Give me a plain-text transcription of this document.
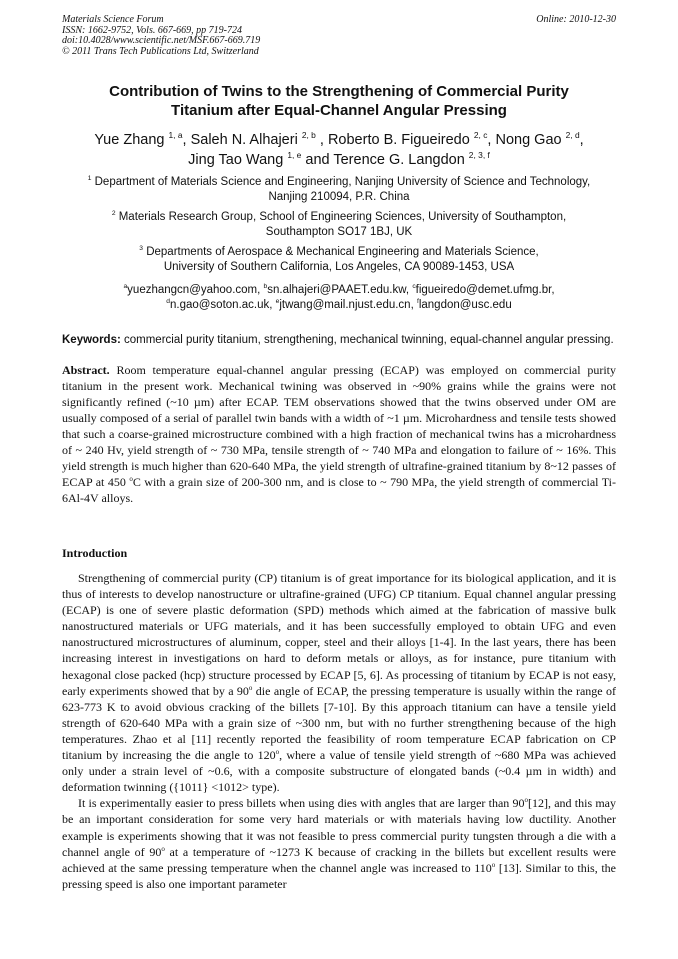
Materials Science Forum
ISSN: 1662-9752, Vols. 667-669, pp 719-724
doi:10.4028/www.scientific.net/MSF.667-669.719
© 2011 Trans Tech Publications Ltd, Switzerland
Online: 2010-12-30
Contribution of Twins to the Strengthening of Commercial Purity
Titanium after Equal-Channel Angular Pressing
Yue Zhang $^{1, a}$, Saleh N. Alhajeri $^{2, b}$ , Roberto B. Figueiredo $^{2, c}$, Nong Gao $^{2, d}$,
Jing Tao Wang $^{1, e}$ and Terence G. Langdon $^{2, 3, f}$
$^1$ Department of Materials Science and Engineering, Nanjing University of Science and Technology,
Nanjing 210094, P.R. China
$^2$ Materials Research Group, School of Engineering Sciences, University of Southampton,
Southampton SO17 1BJ, UK
$^3$ Departments of Aerospace & Mechanical Engineering and Materials Science,
University of Southern California, Los Angeles, CA 90089-1453, USA
$^a$yuezhangcn@yahoo.com, $^b$sn.alhajeri@PAAET.edu.kw, $^c$figueiredo@demet.ufmg.br,
$^d$n.gao@soton.ac.uk, $^e$jtwang@mail.njust.edu.cn, $^f$langdon@usc.edu
Keywords: commercial purity titanium, strengthening, mechanical twinning, equal-channel angular pressing.
Abstract. Room temperature equal-channel angular pressing (ECAP) was employed on commercial purity titanium in the present work. Mechanical twining was observed in ~90% grains while the grains were not significantly refined (~10 µm) after ECAP. TEM observations showed that the twins observed under OM are usually composed of a serial of parallel twin bands with a width of ~1 µm. Microhardness and tensile tests showed that such a coarse-grained microstructure combined with a high fraction of mechanical twins has a microhardness of ~ 240 Hv, yield strength of ~ 730 MPa, tensile strength of ~ 740 MPa and elongation to failure of ~ 16%. This yield strength is much higher than 620-640 MPa, the yield strength of ultrafine-grained titanium by 8~12 passes of ECAP at 450 $^o$C with a grain size of 200-300 nm, and is close to ~ 790 MPa, the yield strength of commercial Ti-6Al-4V alloys.
Introduction

Strengthening of commercial purity (CP) titanium is of great importance for its biological application, and it is thus of interests to develop nanostructure or ultrafine-grained (UFG) CP titanium. Equal channel angular pressing (ECAP) is one of severe plastic deformation (SPD) methods which aimed at the fabrication of massive bulk nanostructured materials or UFG materials, and it has been successfully employed to obtain UFG and even nanostructured microstructures of aluminum, copper, steel and their alloys [1-4]. In the last years, there has been increasing interest in investigations on hard to deform metals or alloys, as for instance, pure titanium with hexagonal close packed (hcp) structure processed by ECAP [5, 6]. As processing of titanium by ECAP is not easy, early experiments showed that by a 90$^o$ die angle of ECAP, the pressing temperature is usually within the range of 623-773 K to avoid obvious cracking of the billets [7-10]. By this approach titanium can have a tensile yield strength of 620-640 MPa with a grain size of ~300 nm, but with no further strengthening because of the high temperatures. Zhao et al [11] recently reported the feasibility of room temperature ECAP fabrication on CP titanium by increasing the die angle to 120$^o$, where a value of tensile yield strength of ~680 MPa was achieved only under a strain level of ~0.6, with a composite substructure of elongated bands (~0.4 µm in width) and deformation twinning ({1011} <1012> type).

It is experimentally easier to press billets when using dies with angles that are larger than 90$^o$[12], and this may be an important consideration for some very hard materials or with materials having low ductility. Another example is experiments showing that it was not feasible to press commercial purity tungsten through a die with a channel angle of 90$^o$ at a temperature of ~1273 K because of cracking in the billets but excellent results were achieved at the same pressing temperature when the channel angle was increased to 110$^o$ [13]. Similar to this, the pressing speed is also one important parameter
